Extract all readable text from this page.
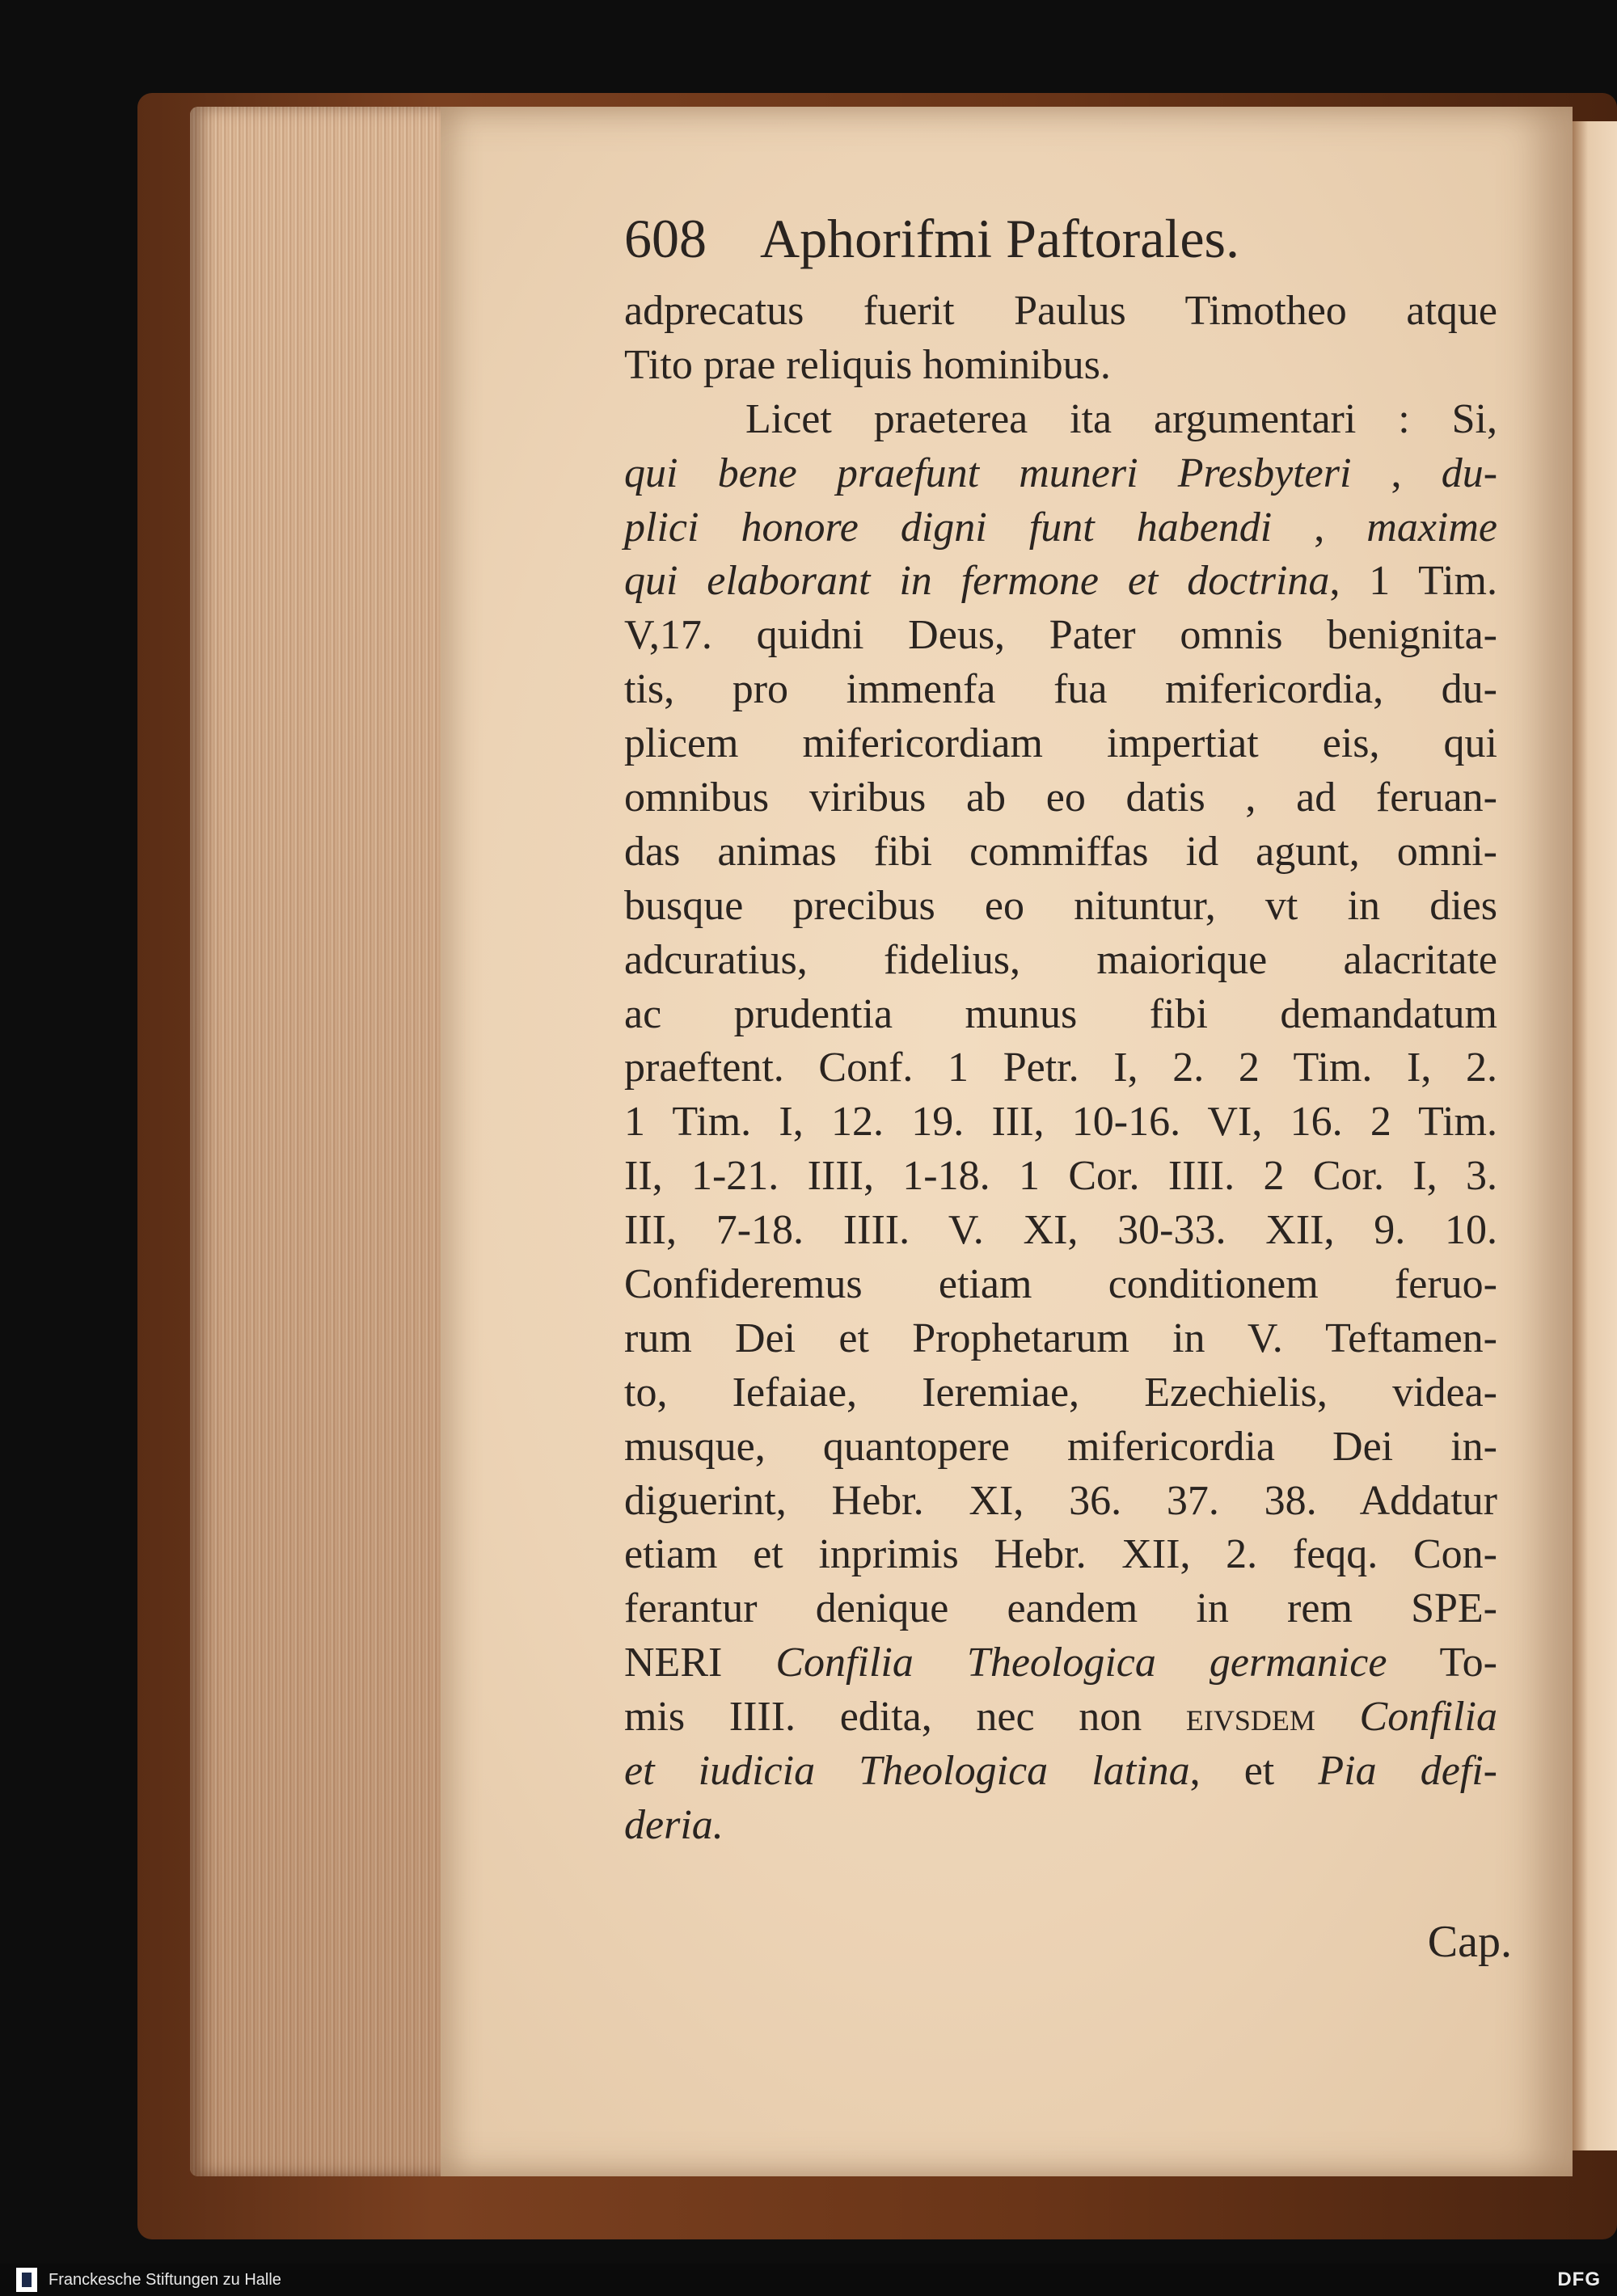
608 Aphorifmi Paftorales.
adprecatus fuerit Paulus Timotheo atque
Tito prae reliquis hominibus.
Licet praeterea ita argumentari : Si,
qui bene praefunt muneri Presbyteri , du-
plici honore digni funt habendi , maxime
qui elaborant in fermone et doctrina, 1 Tim.
V,17. quidni Deus, Pater omnis benignita-
tis, pro immenfa fua mifericordia, du-
plicem mifericordiam impertiat eis, qui
omnibus viribus ab eo datis , ad feruan-
das animas fibi commiffas id agunt, omni-
busque precibus eo nituntur, vt in dies
adcuratius, fidelius, maiorique alacritate
ac prudentia munus fibi demandatum
praeftent. Conf. 1 Petr. I, 2. 2 Tim. I, 2.
1 Tim. I, 12. 19. III, 10-16. VI, 16. 2 Tim.
II, 1-21. IIII, 1-18. 1 Cor. IIII. 2 Cor. I, 3.
III, 7-18. IIII. V. XI, 30-33. XII, 9. 10.
Confideremus etiam conditionem feruo-
rum Dei et Prophetarum in V. Teftamen-
to, Iefaiae, Ieremiae, Ezechielis, videa-
musque, quantopere mifericordia Dei in-
diguerint, Hebr. XI, 36. 37. 38. Addatur
etiam et inprimis Hebr. XII, 2. feqq. Con-
ferantur denique eandem in rem SPE-
NERI Confilia Theologica germanice To-
mis IIII. edita, nec non eivsdem Confilia
et iudicia Theologica latina, et Pia defi-
deria.
Cap.
Franckesche Stiftungen zu Halle	DFG
